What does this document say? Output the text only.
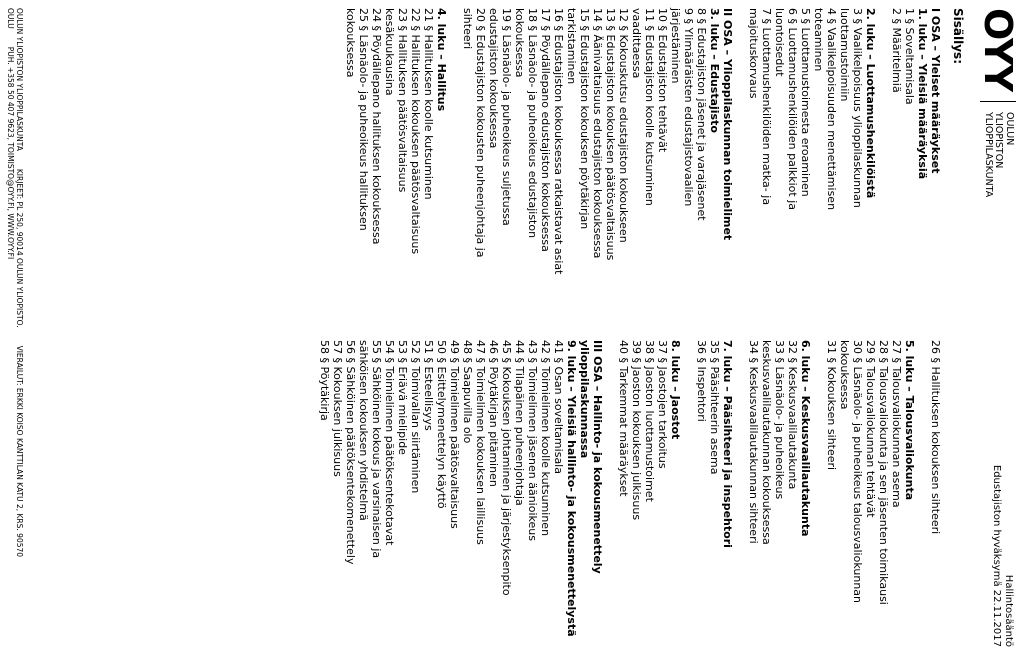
OYY
OULUN
YLIOPISTON
YLIOPPILASKUNTA
Hallintosääntö
Edustajiston hyväksymä 22.11.2017
Sisällys:
I OSA – Yleiset määräykset
1. luku – Yleisiä määräyksiä
1 § Soveltamisala
2 § Määritelmiä
2. luku – Luottamushenkilöistä
3 § Vaalikelpoisuus ylioppilaskunnan
luottamustoimiin
4 § Vaalikelpoisuuden menettämisen
toteaminen
5 § Luottamustoimesta eroaminen
6 § Luottamushenkilöiden palkkiot ja
luontoisedut
7 § Luottamushenkilöiden matka- ja
majoituskorvaus
II OSA – Ylioppilaskunnan toimielimet
3. luku – Edustajisto
8 § Edustajiston jäsenet ja varajäsenet
9 § Ylimääräisten edustajistovaalien
järjestäminen
10 § Edustajiston tehtävät
11 § Edustajiston koolle kutsuminen
vaadittaessa
12 § Kokouskutsu edustajiston kokoukseen
13 § Edustajiston kokouksen päätösvaltaisuus
14 § Äänivaltaisuus edustajiston kokouksessa
15 § Edustajiston kokouksen pöytäkirjan
tarkistaminen
16 § Edustajiston kokouksessa ratkaistavat asiat
17 § Pöydällepano edustajiston kokouksessa
18 § Läsnäolo- ja puheoikeus edustajiston
kokouksessa
19 § Läsnäolo- ja puheoikeus suljetussa
edustajiston kokouksessa
20 § Edustajiston kokousten puheenjohtaja ja
sihteeri
4. luku – Hallitus
21 § Hallituksen koolle kutsuminen
22 § Hallituksen kokouksen päätösvaltaisuus
23 § Hallituksen päätösvaltaisuus
kesäkuukausina
24 § Pöydällepano hallituksen kokouksessa
25 § Läsnäolo- ja puheoikeus hallituksen
kokouksessa
26 § Hallituksen kokouksen sihteeri
5. luku – Talousvaliokunta
27 § Talousvaliokunnan asema
28 § Talousvaliokunta ja sen jäsenten toimikausi
29 § Talousvaliokunnan tehtävät
30 § Läsnäolo- ja puheoikeus talousvaliokunnan
kokouksessa
31 § Kokouksen sihteeri
6. luku – Keskusvaalilautakunta
32 § Keskusvaalilautakunta
33 § Läsnäolo- ja puheoikeus
keskusvaalilautakunnan kokouksessa
34 § Keskusvaalilautakunnan sihteeri
7. luku – Pääsihteeri ja inspehtori
35 § Pääsihteerin asema
36 § Inspehtori
8. luku – Jaostot
37 § Jaostojen tarkoitus
38 § Jaoston luottamustoimet
39 § Jaoston kokouksen julkisuus
40 § Tarkemmat määräykset
III OSA – Hallinto- ja kokousmenettely
ylioppilaskunnassa
9. luku – Yleisiä hallinto- ja kokousmenettelystä
41 § Osan soveltamisala
42 § Toimielimen koolle kutsuminen
43 § Toimielimen jäsenen äänioikeus
44 § Tilapäinen puheenjohtaja
45 § Kokouksen johtaminen ja järjestyksenpito
46 § Pöytäkirjan pitäminen
47 § Toimielimen kokouksen laillisuus
48 § Saapuvilla olo
49 § Toimielimen päätösvaltaisuus
50 § Esittelymenettelyn käyttö
51 § Esteellisyys
52 § Toimivallan siirtäminen
53 § Eriävä mielipide
54 § Toimielimen päätöksentekotavat
55 § Sähköinen kokous ja varsinaisen ja
sähköisen kokouksen yhdistelmä
56 § Sähköinen päätöksentekomenettely
57 § Kokouksen julkisuus
58 § Pöytäkirja
OULUN YLIOPISTON YLIOPPILASKUNTA
KIRJEET: PL 250, 90014 OULUN YLIOPISTO.
VIERAILUT: ERKKI KOISO KANTTILAN KATU 2, KRS. 90570
OULU
PUH. +358 50 407 9623, TOIMISTO@OYY.FI, WWW.OYY.FI
